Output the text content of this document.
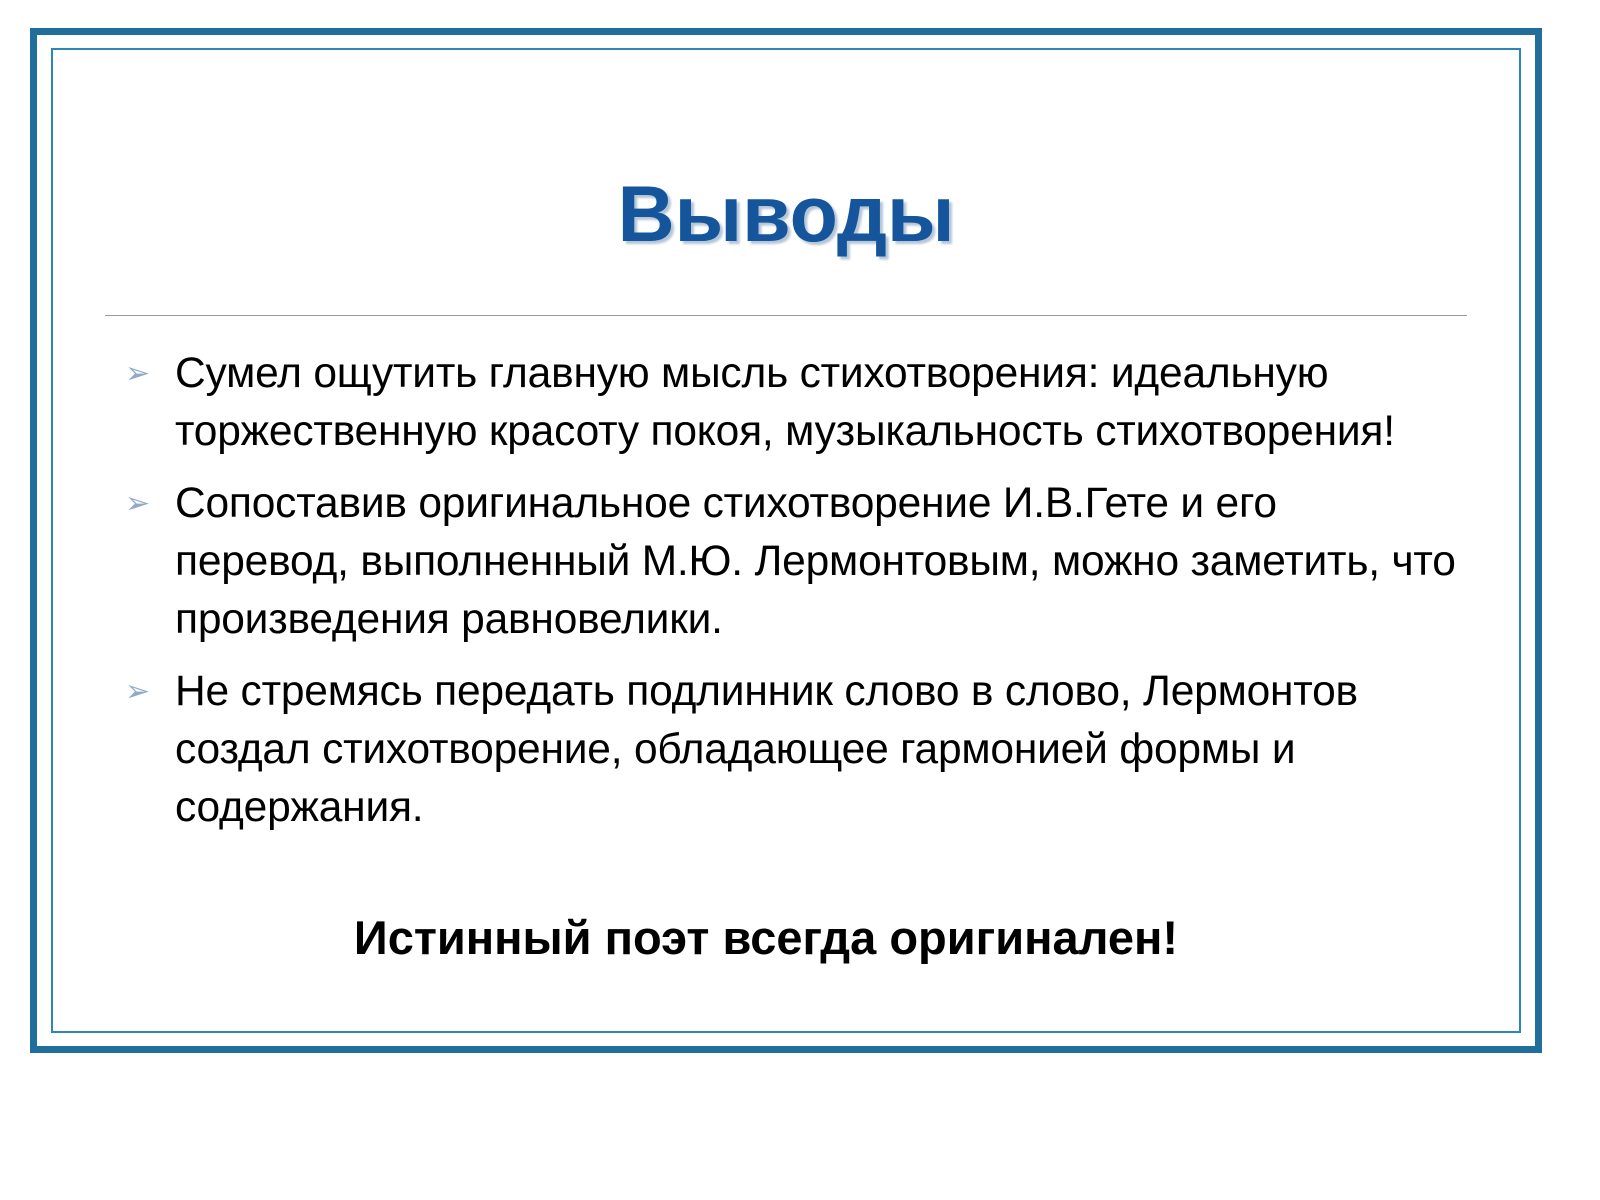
Выводы
➢ Сумел ощутить главную мысль стихотворения: идеальную торжественную красоту покоя, музыкальность стихотворения!
➢ Сопоставив оригинальное стихотворение И.В.Гете и его перевод, выполненный М.Ю. Лермонтовым, можно заметить, что произведения равновелики.
➢ Не стремясь передать подлинник слово в слово, Лермонтов создал стихотворение, обладающее гармонией формы и содержания.
Истинный поэт всегда оригинален!
